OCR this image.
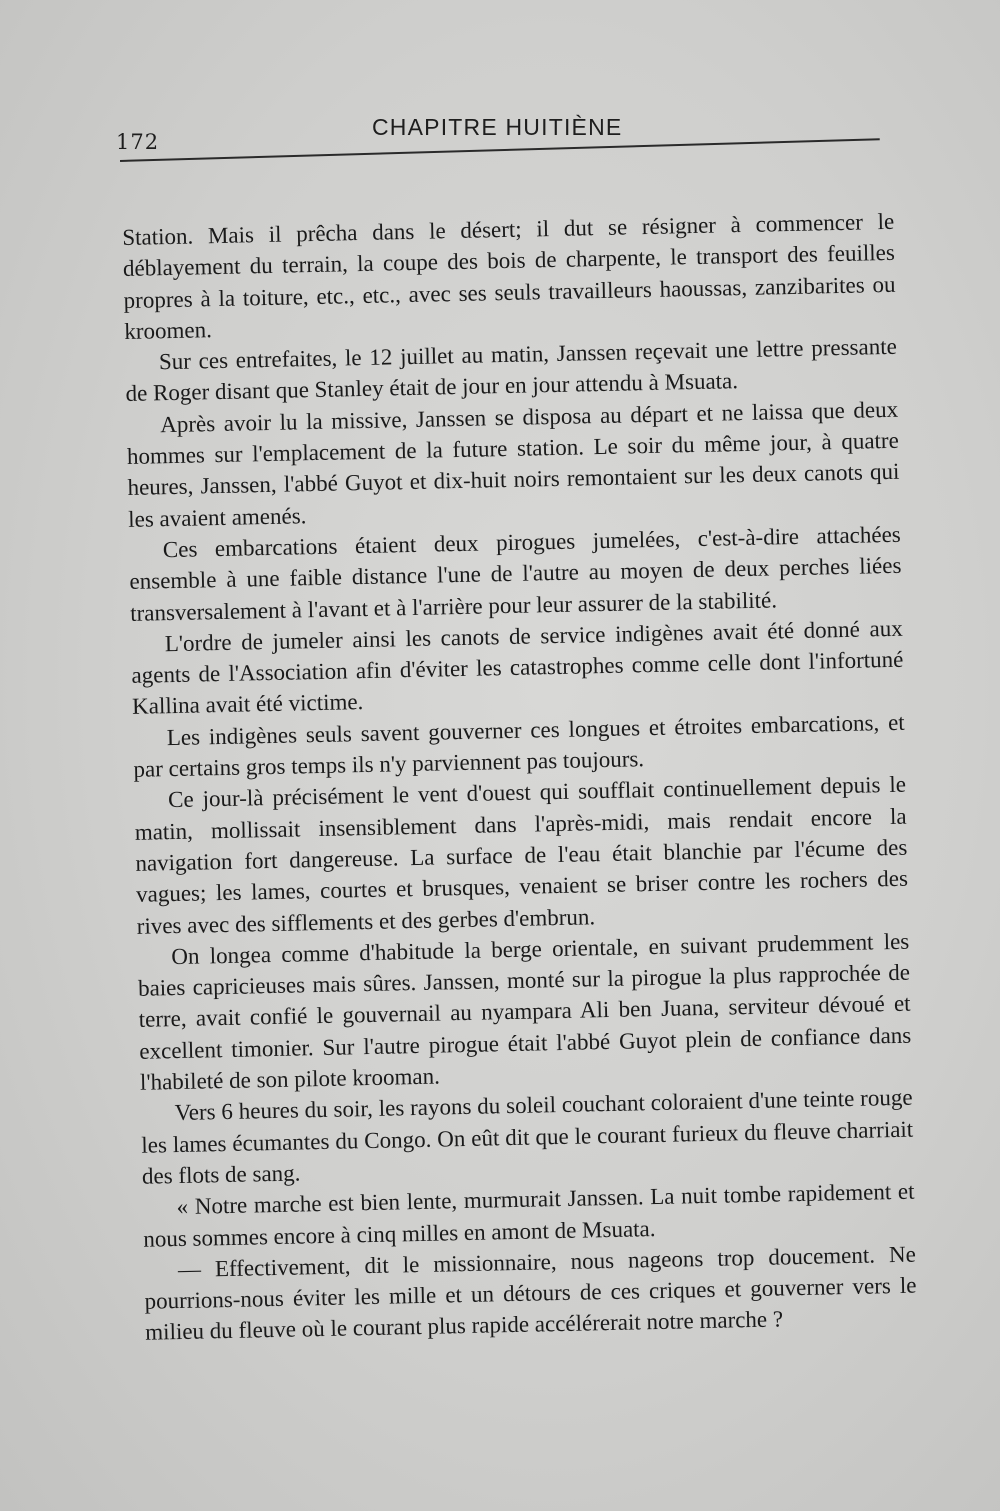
172
CHAPITRE HUITIÈNE

Station. Mais il prêcha dans le désert; il dut se résigner à commencer le déblayement du terrain, la coupe des bois de charpente, le transport des feuilles propres à la toiture, etc., etc., avec ses seuls travailleurs haoussas, zanzibarites ou kroomen.

Sur ces entrefaites, le 12 juillet au matin, Janssen reçevait une lettre pressante de Roger disant que Stanley était de jour en jour attendu à Msuata.

Après avoir lu la missive, Janssen se disposa au départ et ne laissa que deux hommes sur l'emplacement de la future station. Le soir du même jour, à quatre heures, Janssen, l'abbé Guyot et dix-huit noirs remontaient sur les deux canots qui les avaient amenés.

Ces embarcations étaient deux pirogues jumelées, c'est-à-dire attachées ensemble à une faible distance l'une de l'autre au moyen de deux perches liées transversalement à l'avant et à l'arrière pour leur assurer de la stabilité.

L'ordre de jumeler ainsi les canots de service indigènes avait été donné aux agents de l'Association afin d'éviter les catastrophes comme celle dont l'infortuné Kallina avait été victime.

Les indigènes seuls savent gouverner ces longues et étroites embarcations, et par certains gros temps ils n'y parviennent pas toujours.

Ce jour-là précisément le vent d'ouest qui soufflait continuellement depuis le matin, mollissait insensiblement dans l'après-midi, mais rendait encore la navigation fort dangereuse. La surface de l'eau était blanchie par l'écume des vagues; les lames, courtes et brusques, venaient se briser contre les rochers des rives avec des sifflements et des gerbes d'embrun.

On longea comme d'habitude la berge orientale, en suivant prudemment les baies capricieuses mais sûres. Janssen, monté sur la pirogue la plus rapprochée de terre, avait confié le gouvernail au nyampara Ali ben Juana, serviteur dévoué et excellent timonier. Sur l'autre pirogue était l'abbé Guyot plein de confiance dans l'habileté de son pilote krooman.

Vers 6 heures du soir, les rayons du soleil couchant coloraient d'une teinte rouge les lames écumantes du Congo. On eût dit que le courant furieux du fleuve charriait des flots de sang.

« Notre marche est bien lente, murmurait Janssen. La nuit tombe rapidement et nous sommes encore à cinq milles en amont de Msuata.

— Effectivement, dit le missionnaire, nous nageons trop doucement. Ne pourrions-nous éviter les mille et un détours de ces criques et gouverner vers le milieu du fleuve où le courant plus rapide accélérerait notre marche ?
